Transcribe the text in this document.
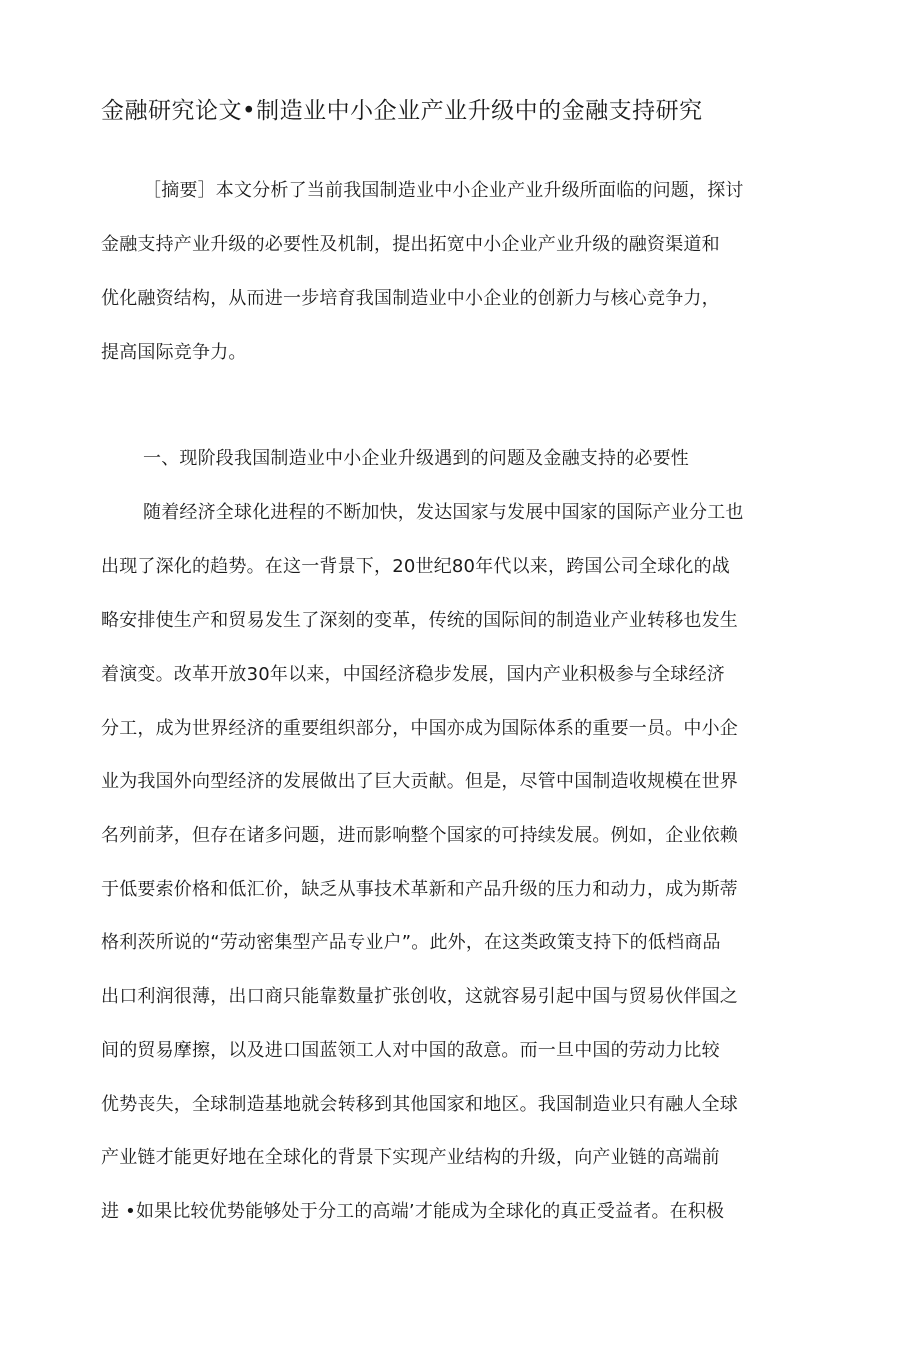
金融研究论文•制造业中小企业产业升级中的金融支持研究
［摘要］本文分析了当前我国制造业中小企业产业升级所面临的问题，探讨
金融支持产业升级的必要性及机制，提出拓宽中小企业产业升级的融资渠道和
优化融资结构，从而进一步培育我国制造业中小企业的创新力与核心竞争力，
提高国际竞争力。
一、现阶段我国制造业中小企业升级遇到的问题及金融支持的必要性
随着经济全球化进程的不断加快，发达国家与发展中国家的国际产业分工也
出现了深化的趋势。在这一背景下，20世纪80年代以来，跨国公司全球化的战
略安排使生产和贸易发生了深刻的变革，传统的国际间的制造业产业转移也发生
着演变。改革开放30年以来，中国经济稳步发展，国内产业积极参与全球经济
分工，成为世界经济的重要组织部分，中国亦成为国际体系的重要一员。中小企
业为我国外向型经济的发展做出了巨大贡献。但是，尽管中国制造收规模在世界
名列前茅，但存在诸多问题，进而影响整个国家的可持续发展。例如，企业依赖
于低要索价格和低汇价，缺乏从事技术革新和产品升级的压力和动力，成为斯蒂
格利茨所说的“劳动密集型产品专业户”。此外，在这类政策支持下的低档商品
出口利润很薄，出口商只能靠数量扩张创收，这就容易引起中国与贸易伙伴国之
间的贸易摩擦，以及进口国蓝领工人对中国的敌意。而一旦中国的劳动力比较
优势丧失，全球制造基地就会转移到其他国家和地区。我国制造业只有融人全球
产业链才能更好地在全球化的背景下实现产业结构的升级，向产业链的高端前
进 •如果比较优势能够处于分工的高端’才能成为全球化的真正受益者。在积极
